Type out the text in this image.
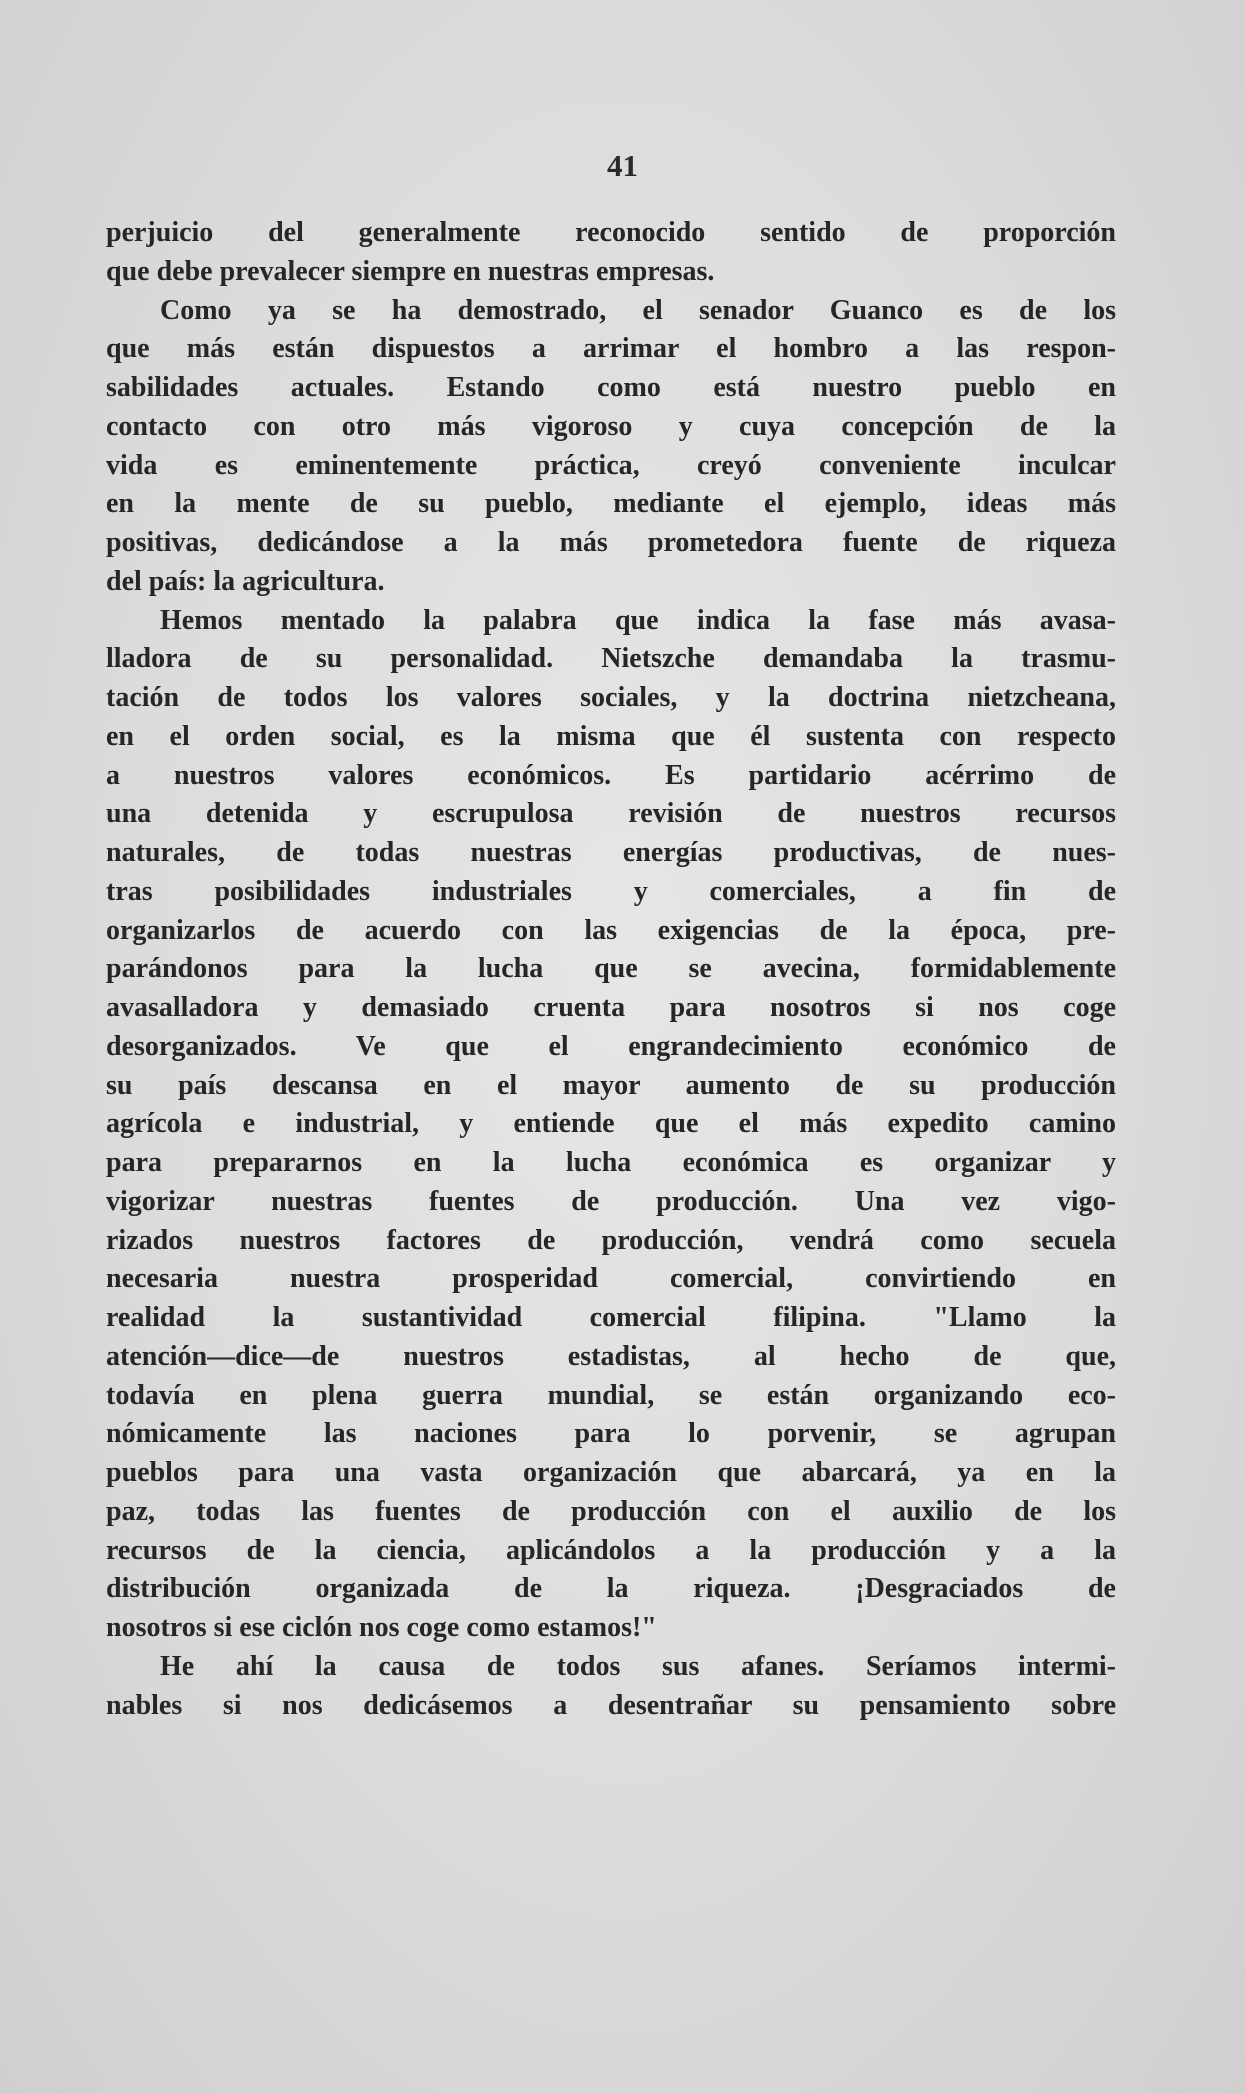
41
perjuicio del generalmente reconocido sentido de proporción
que debe prevalecer siempre en nuestras empresas.
Como ya se ha demostrado, el senador Guanco es de los
que más están dispuestos a arrimar el hombro a las respon-
sabilidades actuales. Estando como está nuestro pueblo en
contacto con otro más vigoroso y cuya concepción de la
vida es eminentemente práctica, creyó conveniente inculcar
en la mente de su pueblo, mediante el ejemplo, ideas más
positivas, dedicándose a la más prometedora fuente de riqueza
del país: la agricultura.
Hemos mentado la palabra que indica la fase más avasa-
lladora de su personalidad. Nietszche demandaba la trasmu-
tación de todos los valores sociales, y la doctrina nietzcheana,
en el orden social, es la misma que él sustenta con respecto
a nuestros valores económicos. Es partidario acérrimo de
una detenida y escrupulosa revisión de nuestros recursos
naturales, de todas nuestras energías productivas, de nues-
tras posibilidades industriales y comerciales, a fin de
organizarlos de acuerdo con las exigencias de la época, pre-
parándonos para la lucha que se avecina, formidablemente
avasalladora y demasiado cruenta para nosotros si nos coge
desorganizados. Ve que el engrandecimiento económico de
su país descansa en el mayor aumento de su producción
agrícola e industrial, y entiende que el más expedito camino
para prepararnos en la lucha económica es organizar y
vigorizar nuestras fuentes de producción. Una vez vigo-
rizados nuestros factores de producción, vendrá como secuela
necesaria nuestra prosperidad comercial, convirtiendo en
realidad la sustantividad comercial filipina. "Llamo la
atención—dice—de nuestros estadistas, al hecho de que,
todavía en plena guerra mundial, se están organizando eco-
nómicamente las naciones para lo porvenir, se agrupan
pueblos para una vasta organización que abarcará, ya en la
paz, todas las fuentes de producción con el auxilio de los
recursos de la ciencia, aplicándolos a la producción y a la
distribución organizada de la riqueza. ¡Desgraciados de
nosotros si ese ciclón nos coge como estamos!"
He ahí la causa de todos sus afanes. Seríamos intermi-
nables si nos dedicásemos a desentrañar su pensamiento sobre
